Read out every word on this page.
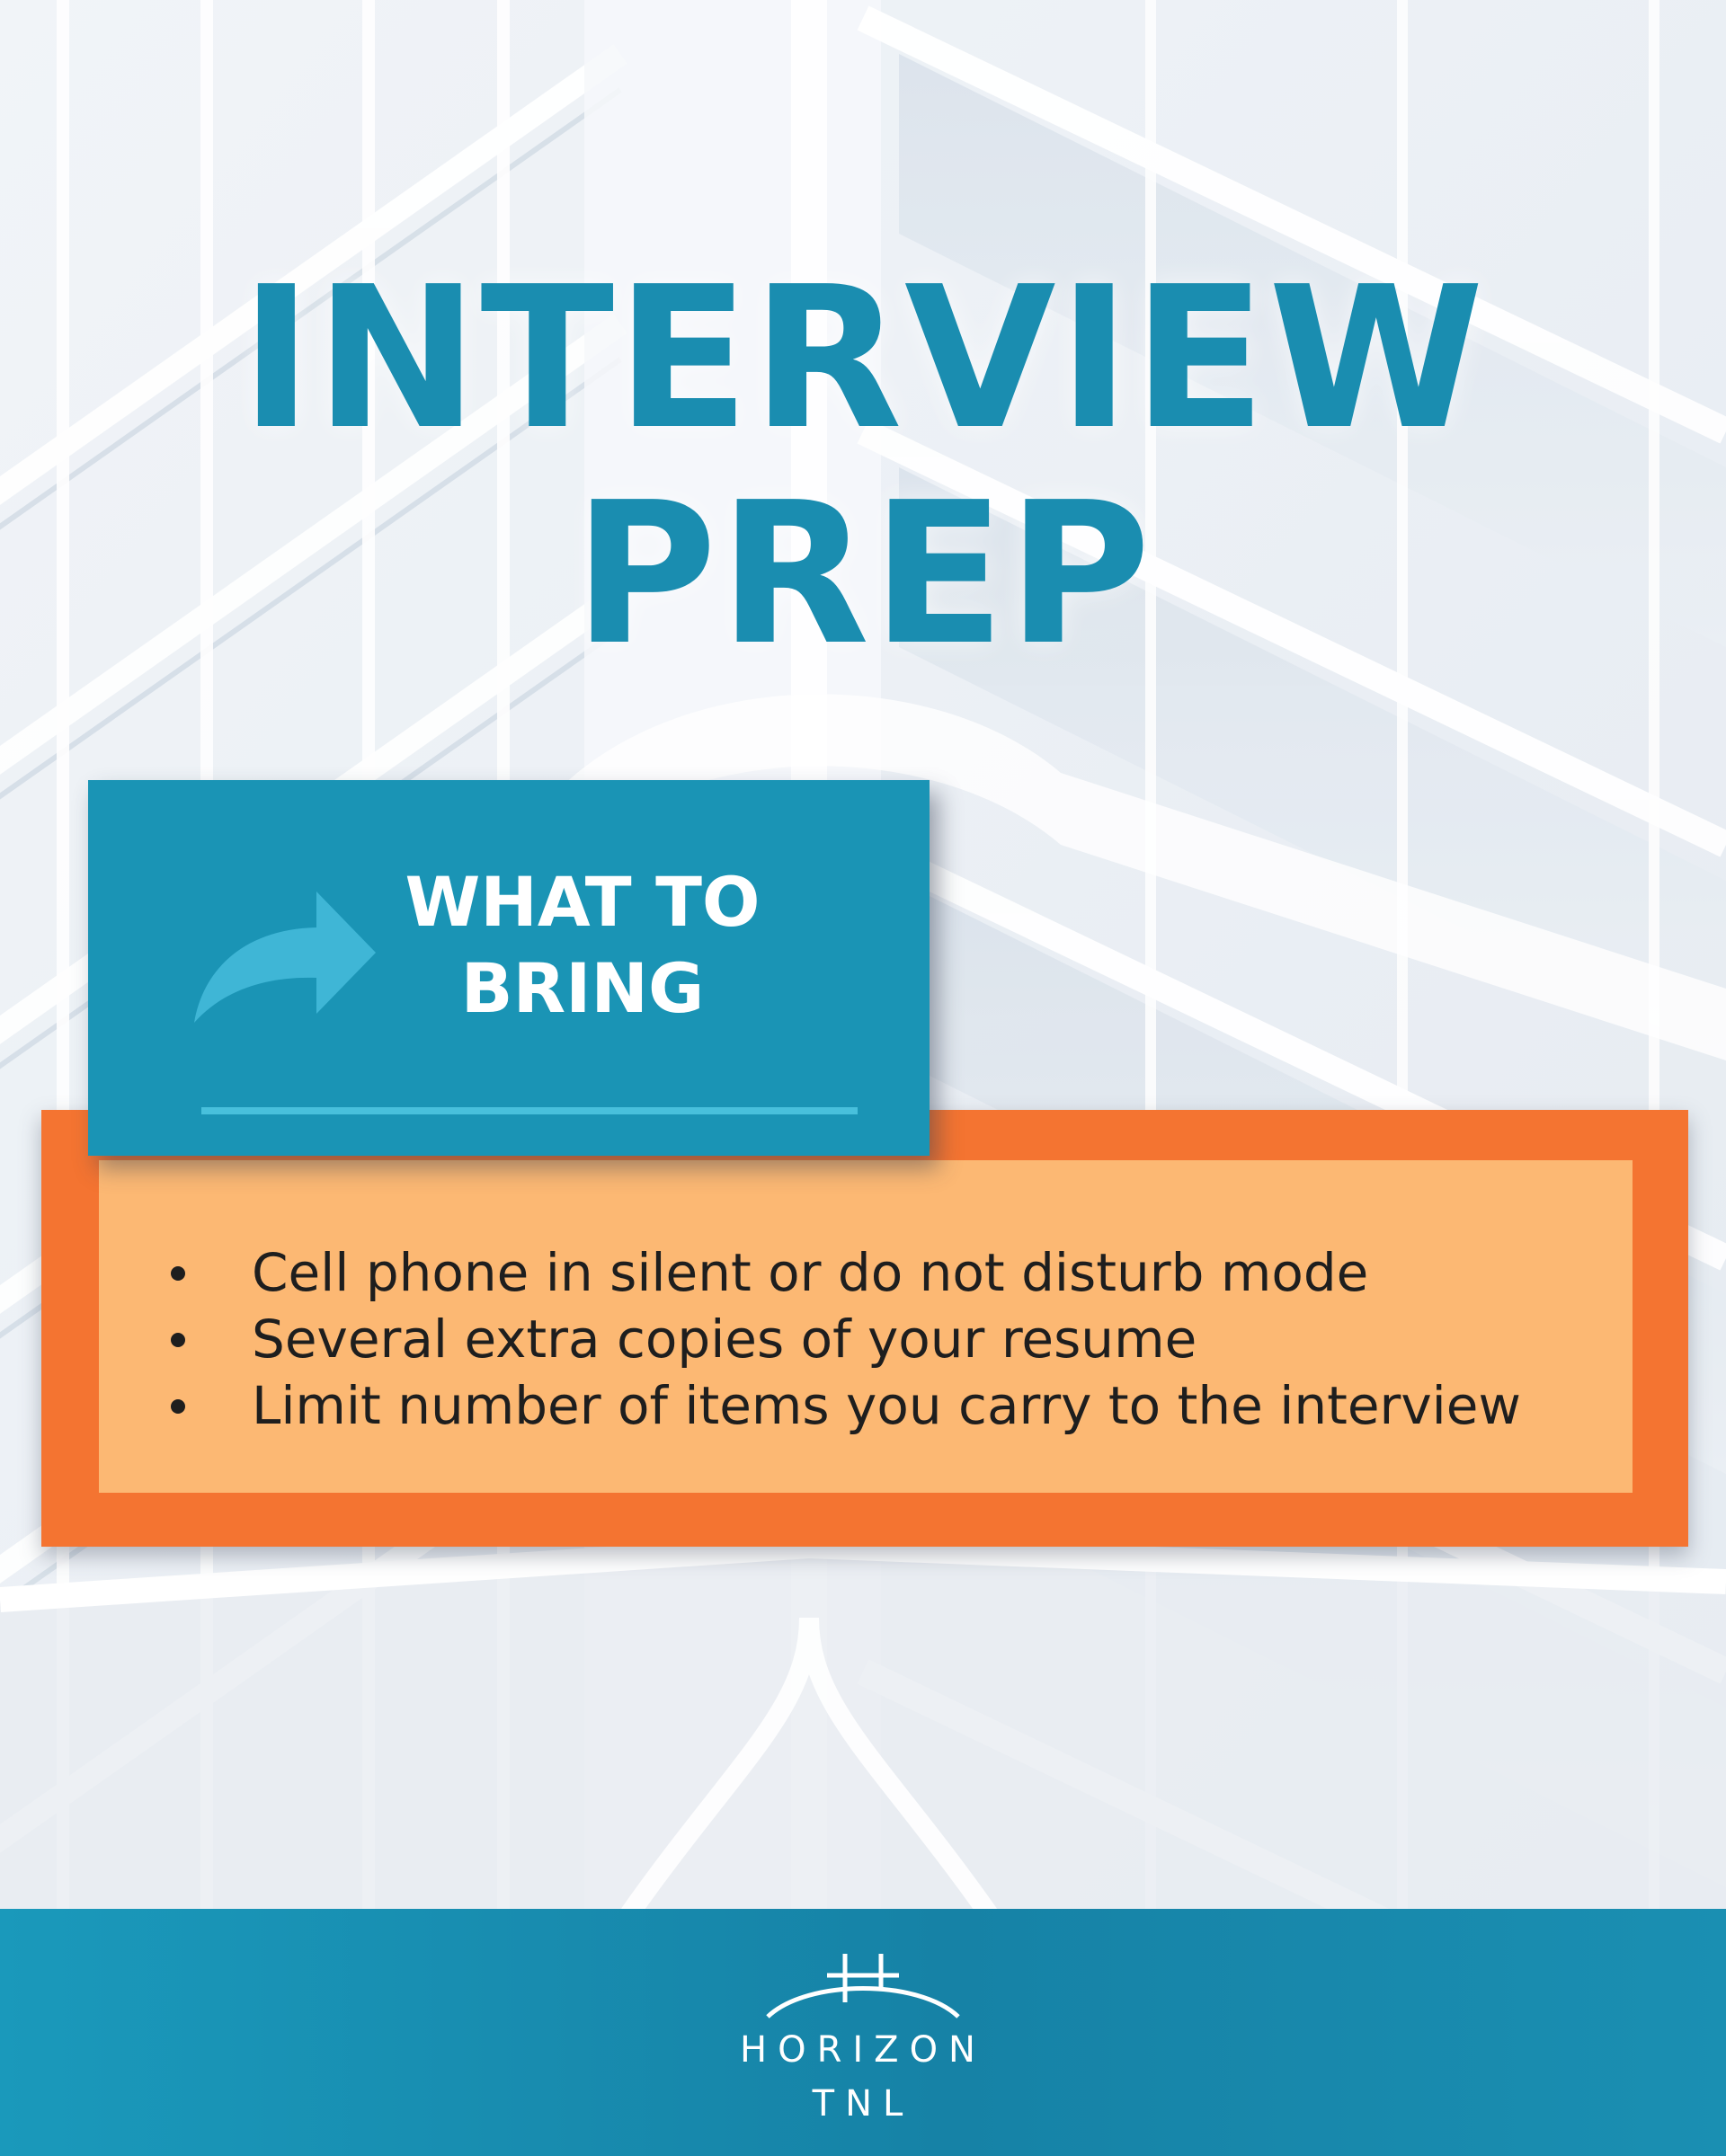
INTERVIEW
PREP
Cell phone in silent or do not disturb mode
Several extra copies of your resume
Limit number of items you carry to the interview
WHAT TO
BRING
HORIZON
TNL
